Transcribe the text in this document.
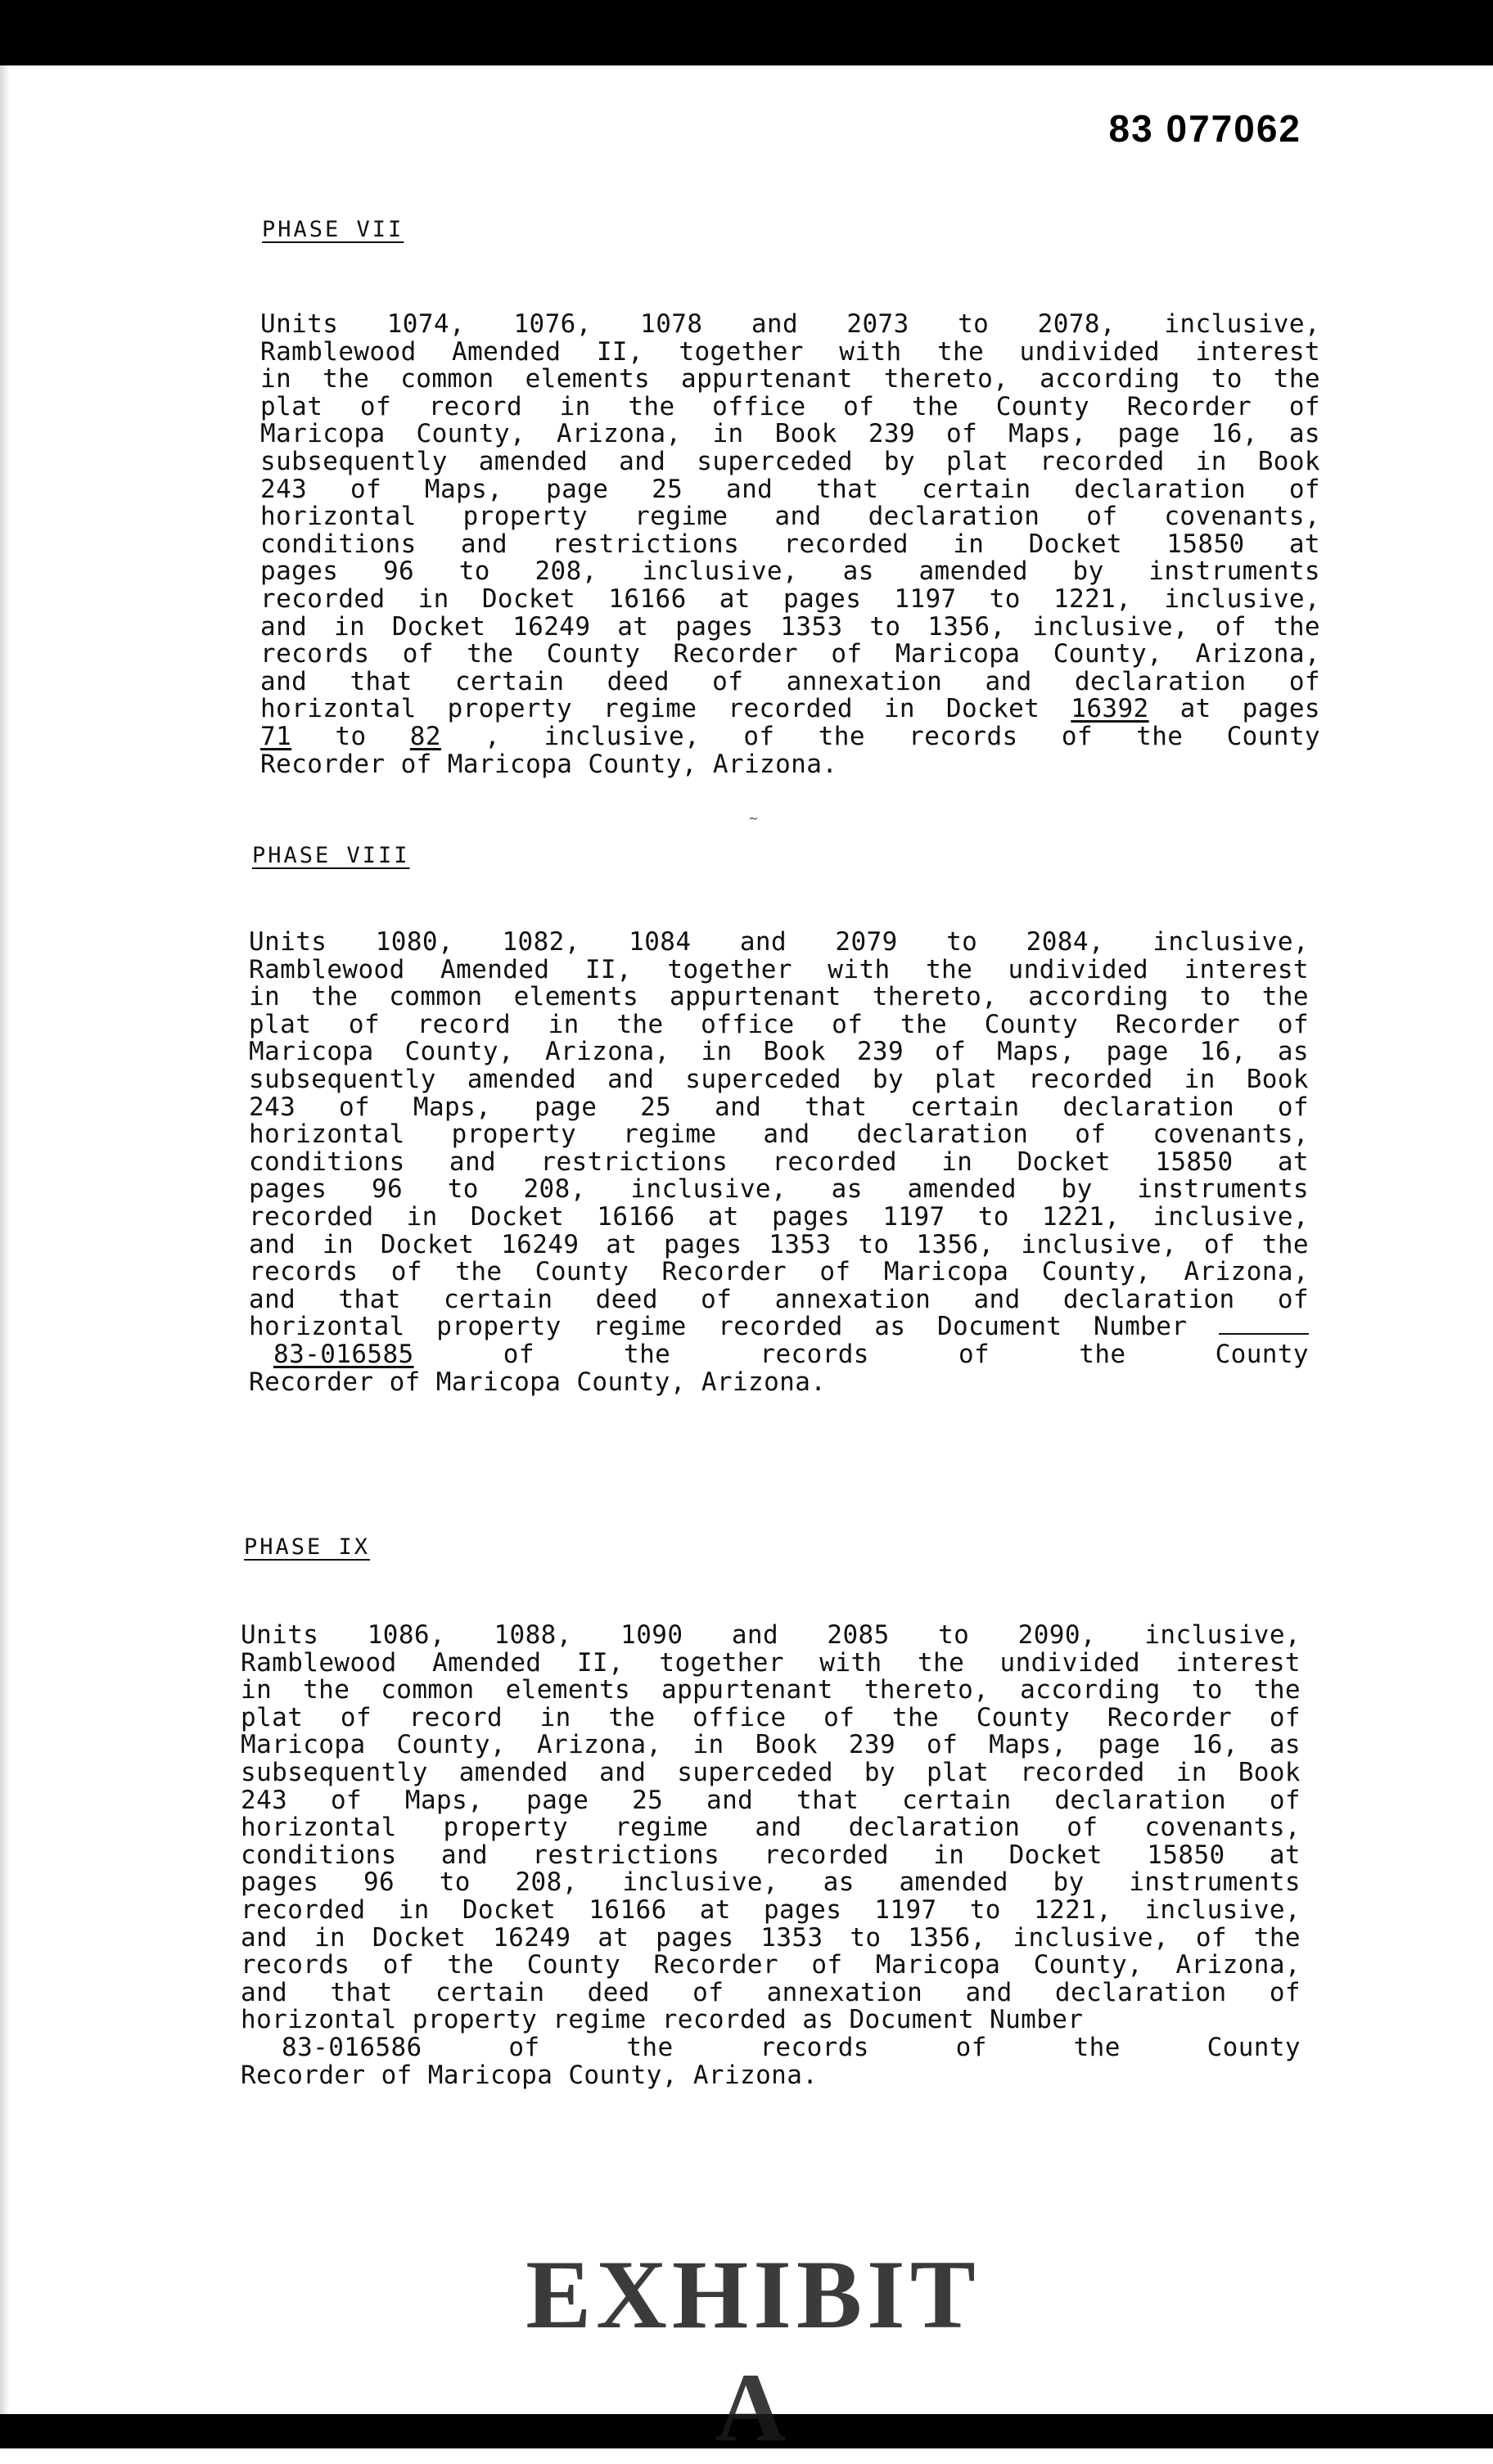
83 077062
PHASE VII
Units 1074, 1076, 1078 and 2073 to 2078, inclusive,
Ramblewood Amended II, together with the undivided interest
in the common elements appurtenant thereto, according to the
plat of record in the office of the County Recorder of
Maricopa County, Arizona, in Book 239 of Maps, page 16, as
subsequently amended and superceded by plat recorded in Book
243 of Maps, page 25 and that certain declaration of
horizontal property regime and declaration of covenants,
conditions and restrictions recorded in Docket 15850 at
pages 96 to 208, inclusive, as amended by instruments
recorded in Docket 16166 at pages 1197 to 1221, inclusive,
and in Docket 16249 at pages 1353 to 1356, inclusive, of the
records of the County Recorder of Maricopa County, Arizona,
and that certain deed of annexation and declaration of
horizontal property regime recorded in Docket 16392 at pages
71 to 82 , inclusive, of the records of the County
Recorder of Maricopa County, Arizona.
~
PHASE VIII
Units 1080, 1082, 1084 and 2079 to 2084, inclusive,
Ramblewood Amended II, together with the undivided interest
in the common elements appurtenant thereto, according to the
plat of record in the office of the County Recorder of
Maricopa County, Arizona, in Book 239 of Maps, page 16, as
subsequently amended and superceded by plat recorded in Book
243 of Maps, page 25 and that certain declaration of
horizontal property regime and declaration of covenants,
conditions and restrictions recorded in Docket 15850 at
pages 96 to 208, inclusive, as amended by instruments
recorded in Docket 16166 at pages 1197 to 1221, inclusive,
and in Docket 16249 at pages 1353 to 1356, inclusive, of the
records of the County Recorder of Maricopa County, Arizona,
and that certain deed of annexation and declaration of
horizontal property regime recorded as Document Number
83-016585	of the records of the County
Recorder of Maricopa County, Arizona.
PHASE IX
Units 1086, 1088, 1090 and 2085 to 2090, inclusive,
Ramblewood Amended II, together with the undivided interest
in the common elements appurtenant thereto, according to the
plat of record in the office of the County Recorder of
Maricopa County, Arizona, in Book 239 of Maps, page 16, as
subsequently amended and superceded by plat recorded in Book
243 of Maps, page 25 and that certain declaration of
horizontal property regime and declaration of covenants,
conditions and restrictions recorded in Docket 15850 at
pages 96 to 208, inclusive, as amended by instruments
recorded in Docket 16166 at pages 1197 to 1221, inclusive,
and in Docket 16249 at pages 1353 to 1356, inclusive, of the
records of the County Recorder of Maricopa County, Arizona,
and that certain deed of annexation and declaration of
horizontal property regime recorded as Document Number
83-016586	of the records of the County
Recorder of Maricopa County, Arizona.
EXHIBIT A
